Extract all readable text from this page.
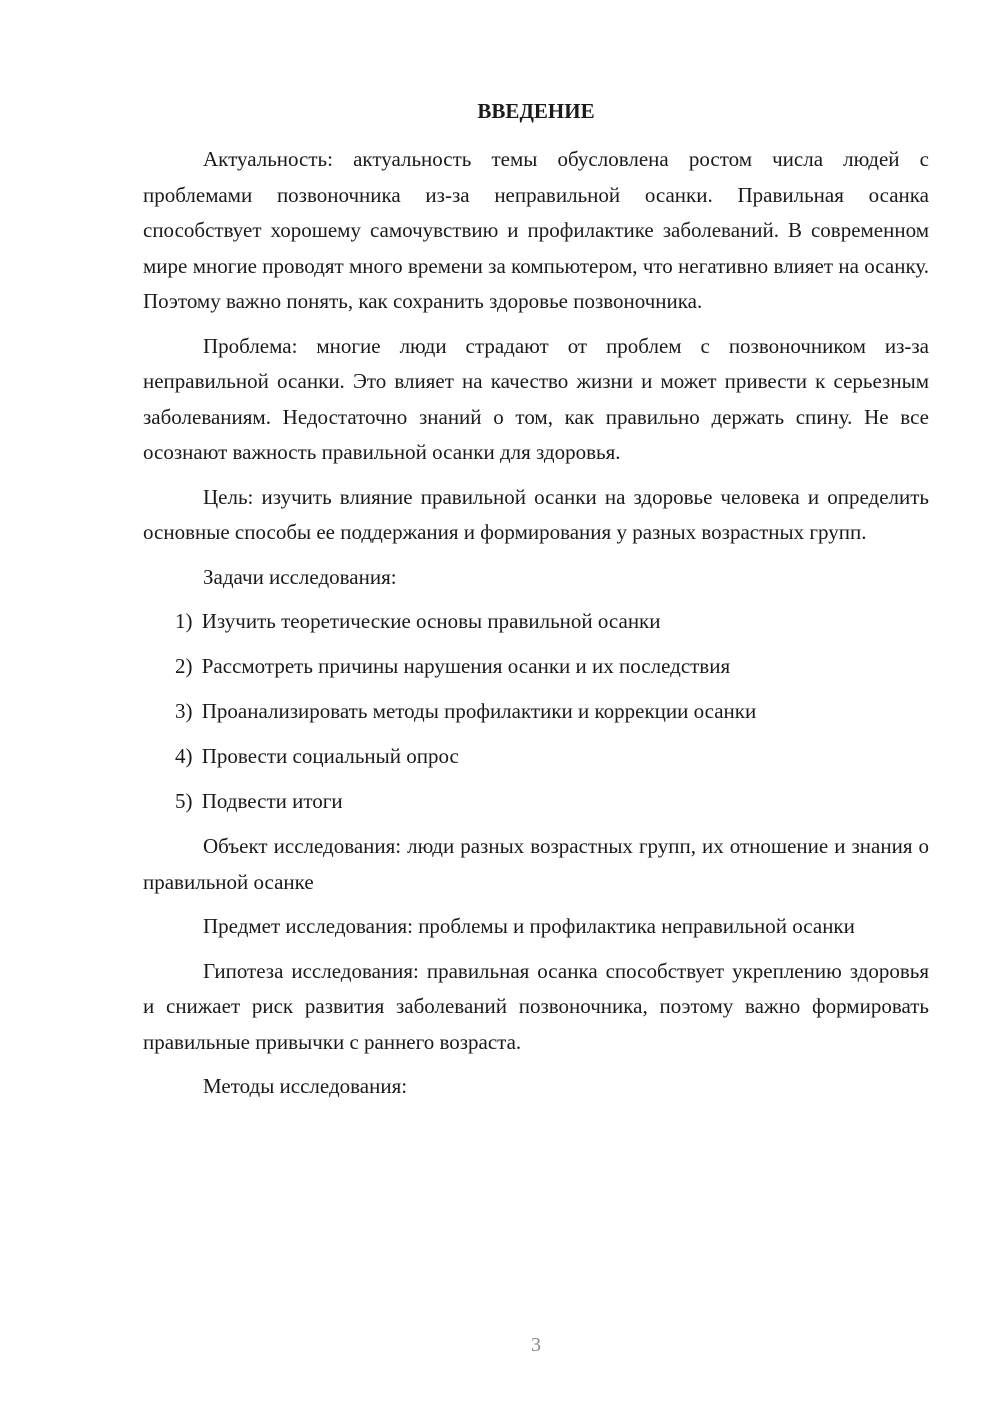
ВВЕДЕНИЕ

Актуальность: актуальность темы обусловлена ростом числа людей с проблемами позвоночника из-за неправильной осанки. Правильная осанка способствует хорошему самочувствию и профилактике заболеваний. В современном мире многие проводят много времени за компьютером, что негативно влияет на осанку. Поэтому важно понять, как сохранить здоровье позвоночника.

Проблема: многие люди страдают от проблем с позвоночником из-за неправильной осанки. Это влияет на качество жизни и может привести к серьезным заболеваниям. Недостаточно знаний о том, как правильно держать спину. Не все осознают важность правильной осанки для здоровья.

Цель: изучить влияние правильной осанки на здоровье человека и определить основные способы ее поддержания и формирования у разных возрастных групп.

Задачи исследования:

1) Изучить теоретические основы правильной осанки
2) Рассмотреть причины нарушения осанки и их последствия
3) Проанализировать методы профилактики и коррекции осанки
4) Провести социальный опрос
5) Подвести итоги

Объект исследования: люди разных возрастных групп, их отношение и знания о правильной осанке

Предмет исследования: проблемы и профилактика неправильной осанки

Гипотеза исследования: правильная осанка способствует укреплению здоровья и снижает риск развития заболеваний позвоночника, поэтому важно формировать правильные привычки с раннего возраста.

Методы исследования:

3
